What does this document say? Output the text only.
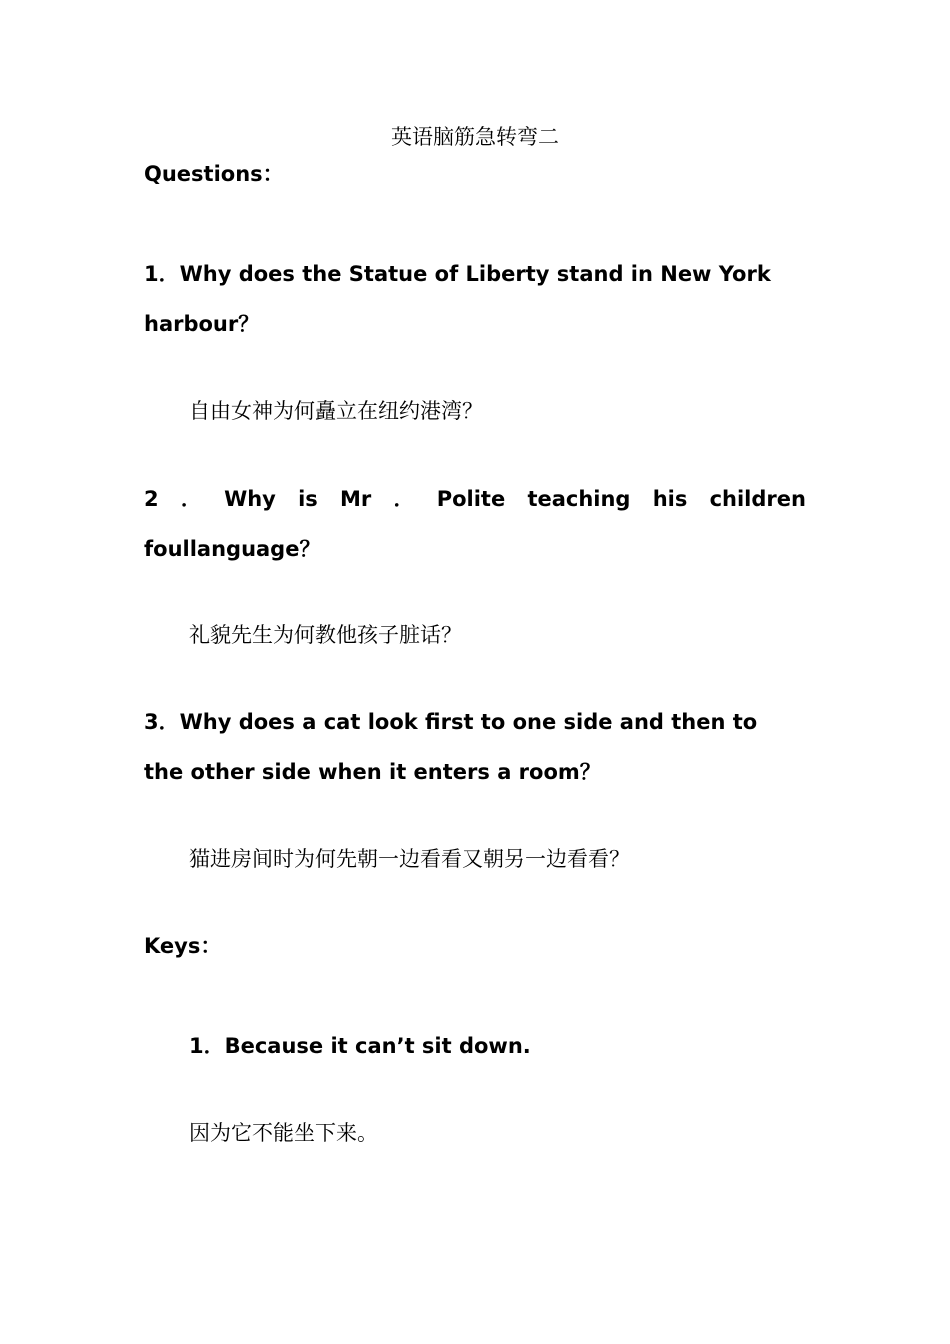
英语脑筋急转弯二
Questions：
1．Why does the Statue of Liberty stand in New York
harbour？
自由女神为何矗立在纽约港湾？
2 ． Why is Mr ． Polite teaching his children
foullanguage？
礼貌先生为何教他孩子脏话？
3．Why does a cat look first to one side and then to
the other side when it enters a room？
猫进房间时为何先朝一边看看又朝另一边看看？
Keys：
1．Because it can’t sit down.
因为它不能坐下来。
